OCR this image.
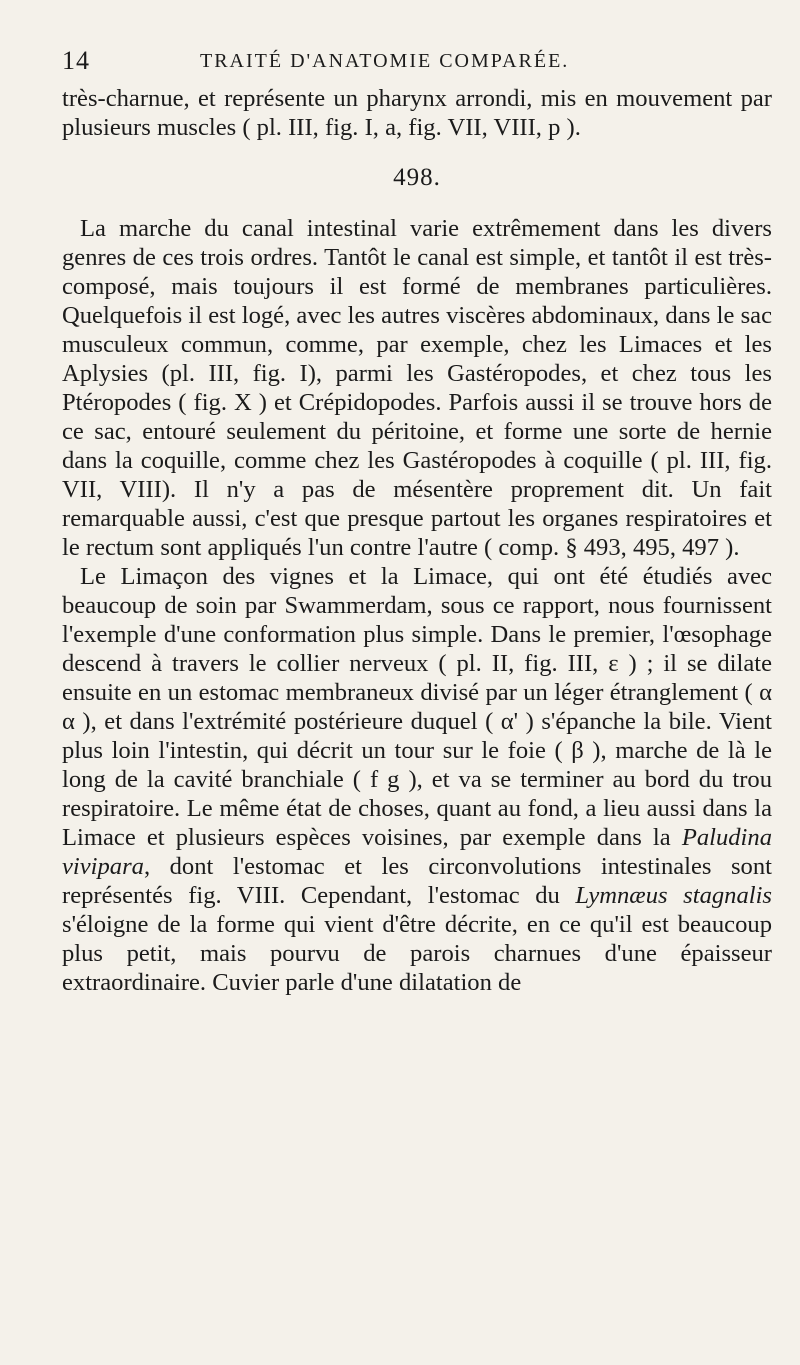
14	TRAITÉ D'ANATOMIE COMPARÉE.

très-charnue, et représente un pharynx arrondi, mis en mouvement par plusieurs muscles ( pl. III, fig. I, a, fig. VII, VIII, p ).

498.

La marche du canal intestinal varie extrêmement dans les divers genres de ces trois ordres. Tantôt le canal est simple, et tantôt il est très-composé, mais toujours il est formé de membranes particulières. Quelquefois il est logé, avec les autres viscères abdominaux, dans le sac musculeux commun, comme, par exemple, chez les Limaces et les Aplysies (pl. III, fig. I), parmi les Gastéropodes, et chez tous les Ptéropodes ( fig. X ) et Crépidopodes. Parfois aussi il se trouve hors de ce sac, entouré seulement du péritoine, et forme une sorte de hernie dans la coquille, comme chez les Gastéropodes à coquille ( pl. III, fig. VII, VIII). Il n'y a pas de mésentère proprement dit. Un fait remarquable aussi, c'est que presque partout les organes respiratoires et le rectum sont appliqués l'un contre l'autre ( comp. § 493, 495, 497 ).

Le Limaçon des vignes et la Limace, qui ont été étudiés avec beaucoup de soin par Swammerdam, sous ce rapport, nous fournissent l'exemple d'une conformation plus simple. Dans le premier, l'œsophage descend à travers le collier nerveux ( pl. II, fig. III, ε ) ; il se dilate ensuite en un estomac membraneux divisé par un léger étranglement ( α α ), et dans l'extrémité postérieure duquel ( α' ) s'épanche la bile. Vient plus loin l'intestin, qui décrit un tour sur le foie ( β ), marche de là le long de la cavité branchiale ( f g ), et va se terminer au bord du trou respiratoire. Le même état de choses, quant au fond, a lieu aussi dans la Limace et plusieurs espèces voisines, par exemple dans la Paludina vivipara, dont l'estomac et les circonvolutions intestinales sont représentés fig. VIII. Cependant, l'estomac du Lymnæus stagnalis s'éloigne de la forme qui vient d'être décrite, en ce qu'il est beaucoup plus petit, mais pourvu de parois charnues d'une épaisseur extraordinaire. Cuvier parle d'une dilatation de
